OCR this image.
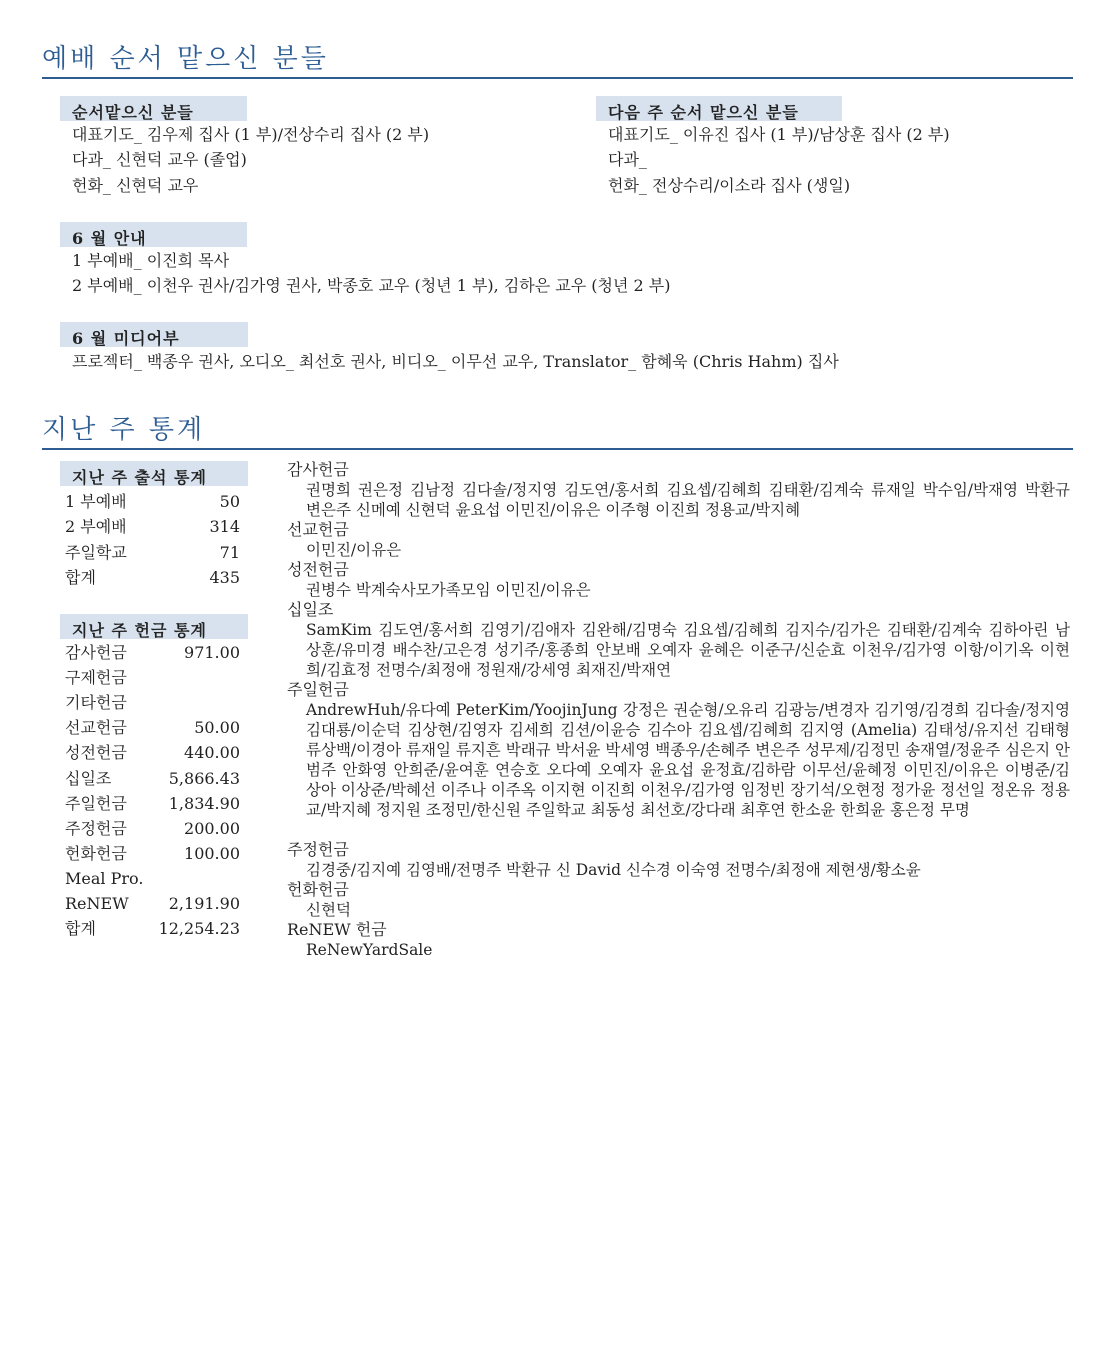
예배 순서 맡으신 분들
순서맡으신 분들
대표기도_ 김우제 집사 (1 부)/전상수리 집사 (2 부)
다과_ 신현덕 교우 (졸업)
헌화_ 신현덕 교우
다음 주 순서 맡으신 분들
대표기도_ 이유진 집사 (1 부)/남상훈 집사 (2 부)
다과_
헌화_ 전상수리/이소라 집사 (생일)
6 월 안내
1 부예배_ 이진희 목사
2 부예배_ 이천우 권사/김가영 권사, 박종호 교우 (청년 1 부), 김하은 교우 (청년 2 부)
6 월 미디어부
프로젝터_ 백종우 권사, 오디오_ 최선호 권사, 비디오_ 이무선 교우, Translator_ 함혜욱 (Chris Hahm) 집사
지난 주 통계
지난 주 출석 통계
1 부예배	50
2 부예배	314
주일학교	71
합계	435
지난 주 헌금 통계
감사헌금	971.00
구제헌금
기타헌금
선교헌금	50.00
성전헌금	440.00
십일조	5,866.43
주일헌금	1,834.90
주정헌금	200.00
헌화헌금	100.00
Meal Pro.
ReNEW	2,191.90
합계	12,254.23
감사헌금
권명희 권은정 김남정 김다솔/정지영 김도연/홍서희 김요셉/김혜희 김태환/김계숙 류재일 박수임/박재영 박환규 변은주 신메예 신현덕 윤요섭 이민진/이유은 이주형 이진희 정용교/박지혜
선교헌금
이민진/이유은
성전헌금
권병수 박계숙사모가족모임 이민진/이유은
십일조
SamKim 김도연/홍서희 김영기/김애자 김완해/김명숙 김요셉/김혜희 김지수/김가은 김태환/김계숙 김하아린 남상훈/유미경 배수찬/고은경 성기주/홍종희 안보배 오예자 윤혜은 이준구/신순효 이천우/김가영 이항/이기옥 이현희/김효정 전명수/최정애 정원재/강세영 최재진/박재연
주일헌금
AndrewHuh/유다예 PeterKim/YoojinJung 강정은 권순형/오유리 김광능/변경자 김기영/김경희 김다솔/정지영 김대룡/이순덕 김상현/김영자 김세희 김션/이윤승 김수아 김요셉/김혜희 김지영 (Amelia) 김태성/유지선 김태형 류상백/이경아 류재일 류지흔 박래규 박서윤 박세영 백종우/손혜주 변은주 성무제/김정민 송재열/정윤주 심은지 안범주 안화영 안희준/윤여훈 연승호 오다예 오예자 윤요섭 윤정효/김하람 이무선/윤혜정 이민진/이유은 이병준/김상아 이상준/박혜선 이주나 이주옥 이지현 이진희 이천우/김가영 임정빈 장기석/오현정 정가윤 정선일 정온유 정용교/박지혜 정지원 조정민/한신원 주일학교 최동성 최선호/강다래 최후연 한소윤 한희윤 홍은정 무명
주정헌금
김경중/김지예 김영배/전명주 박환규 신 David 신수경 이숙영 전명수/최정애 제현생/황소윤
헌화헌금
신현덕
ReNEW 헌금
ReNewYardSale
